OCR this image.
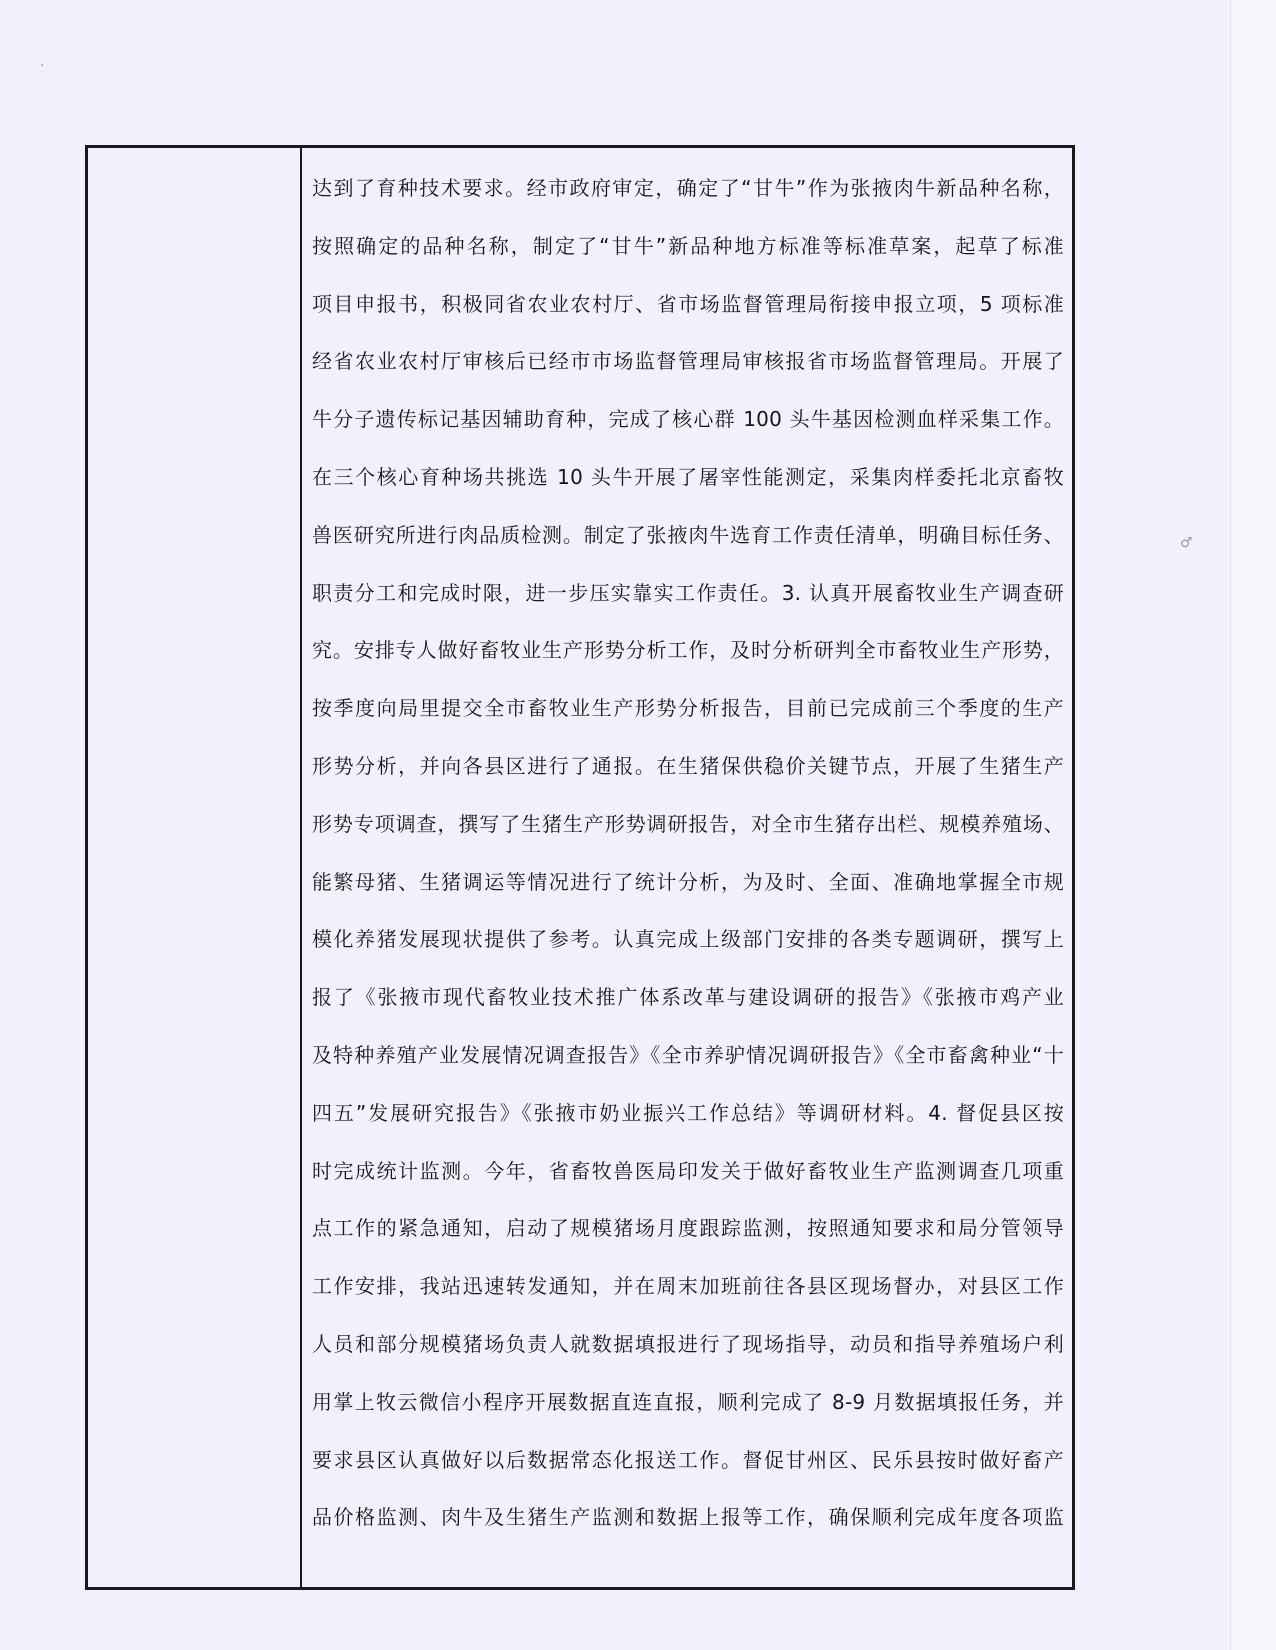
·
♂
达到了育种技术要求。经市政府审定，确定了“甘牛”作为张掖肉牛新品种名称，
按照确定的品种名称，制定了“甘牛”新品种地方标准等标准草案，起草了标准
项目申报书，积极同省农业农村厅、省市场监督管理局衔接申报立项，5 项标准
经省农业农村厅审核后已经市市场监督管理局审核报省市场监督管理局。开展了
牛分子遗传标记基因辅助育种，完成了核心群 100 头牛基因检测血样采集工作。
在三个核心育种场共挑选 10 头牛开展了屠宰性能测定，采集肉样委托北京畜牧
兽医研究所进行肉品质检测。制定了张掖肉牛选育工作责任清单，明确目标任务、
职责分工和完成时限，进一步压实靠实工作责任。3. 认真开展畜牧业生产调查研
究。安排专人做好畜牧业生产形势分析工作，及时分析研判全市畜牧业生产形势，
按季度向局里提交全市畜牧业生产形势分析报告，目前已完成前三个季度的生产
形势分析，并向各县区进行了通报。在生猪保供稳价关键节点，开展了生猪生产
形势专项调查，撰写了生猪生产形势调研报告，对全市生猪存出栏、规模养殖场、
能繁母猪、生猪调运等情况进行了统计分析，为及时、全面、准确地掌握全市规
模化养猪发展现状提供了参考。认真完成上级部门安排的各类专题调研，撰写上
报了《张掖市现代畜牧业技术推广体系改革与建设调研的报告》《张掖市鸡产业
及特种养殖产业发展情况调查报告》《全市养驴情况调研报告》《全市畜禽种业“十
四五”发展研究报告》《张掖市奶业振兴工作总结》等调研材料。4. 督促县区按
时完成统计监测。今年，省畜牧兽医局印发关于做好畜牧业生产监测调查几项重
点工作的紧急通知，启动了规模猪场月度跟踪监测，按照通知要求和局分管领导
工作安排，我站迅速转发通知，并在周末加班前往各县区现场督办，对县区工作
人员和部分规模猪场负责人就数据填报进行了现场指导，动员和指导养殖场户利
用掌上牧云微信小程序开展数据直连直报，顺利完成了 8-9 月数据填报任务，并
要求县区认真做好以后数据常态化报送工作。督促甘州区、民乐县按时做好畜产
品价格监测、肉牛及生猪生产监测和数据上报等工作，确保顺利完成年度各项监
